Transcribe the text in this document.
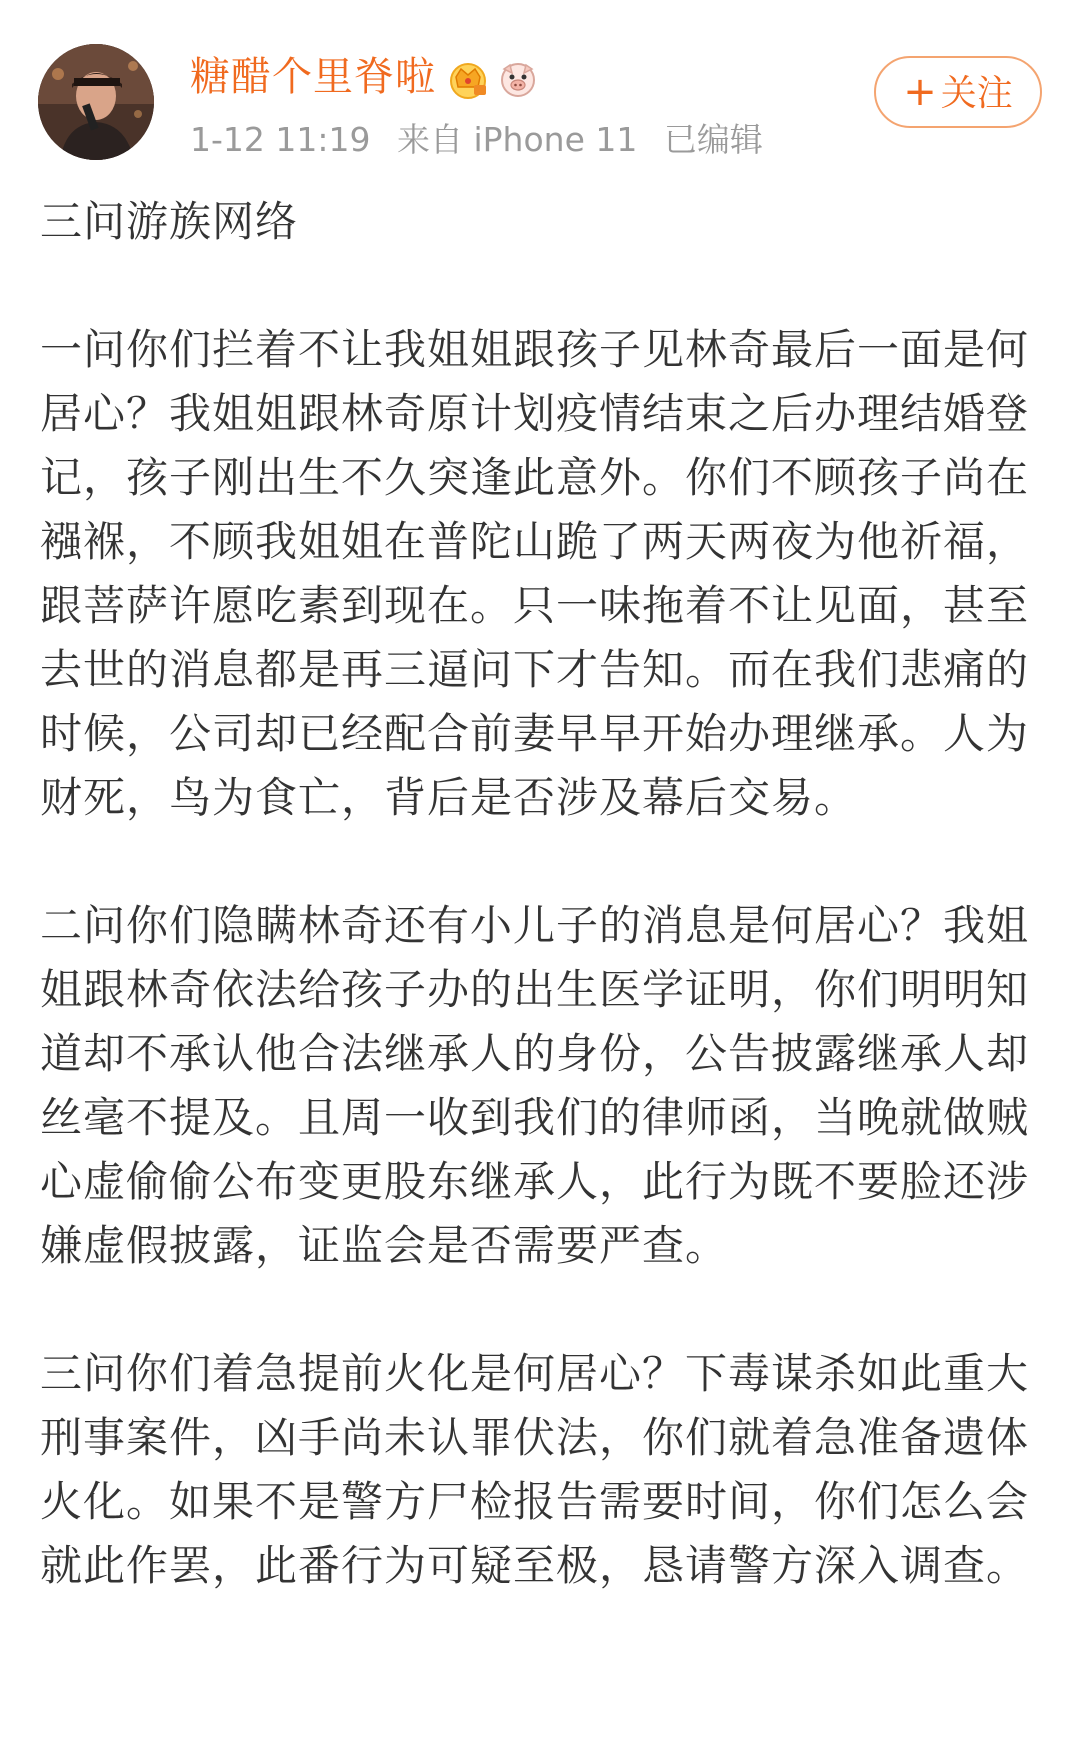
糖醋个里脊啦
1-12 11:19 来自 iPhone 11 已编辑
+ 关注

三问游族网络

一问你们拦着不让我姐姐跟孩子见林奇最后一面是何居心？我姐姐跟林奇原计划疫情结束之后办理结婚登记，孩子刚出生不久突逢此意外。你们不顾孩子尚在襁褓，不顾我姐姐在普陀山跪了两天两夜为他祈福，跟菩萨许愿吃素到现在。只一味拖着不让见面，甚至去世的消息都是再三逼问下才告知。而在我们悲痛的时候，公司却已经配合前妻早早开始办理继承。人为财死，鸟为食亡，背后是否涉及幕后交易。

二问你们隐瞒林奇还有小儿子的消息是何居心？我姐姐跟林奇依法给孩子办的出生医学证明，你们明明知道却不承认他合法继承人的身份，公告披露继承人却丝毫不提及。且周一收到我们的律师函，当晚就做贼心虚偷偷公布变更股东继承人，此行为既不要脸还涉嫌虚假披露，证监会是否需要严查。

三问你们着急提前火化是何居心？下毒谋杀如此重大刑事案件，凶手尚未认罪伏法，你们就着急准备遗体火化。如果不是警方尸检报告需要时间，你们怎么会就此作罢，此番行为可疑至极，恳请警方深入调查。
